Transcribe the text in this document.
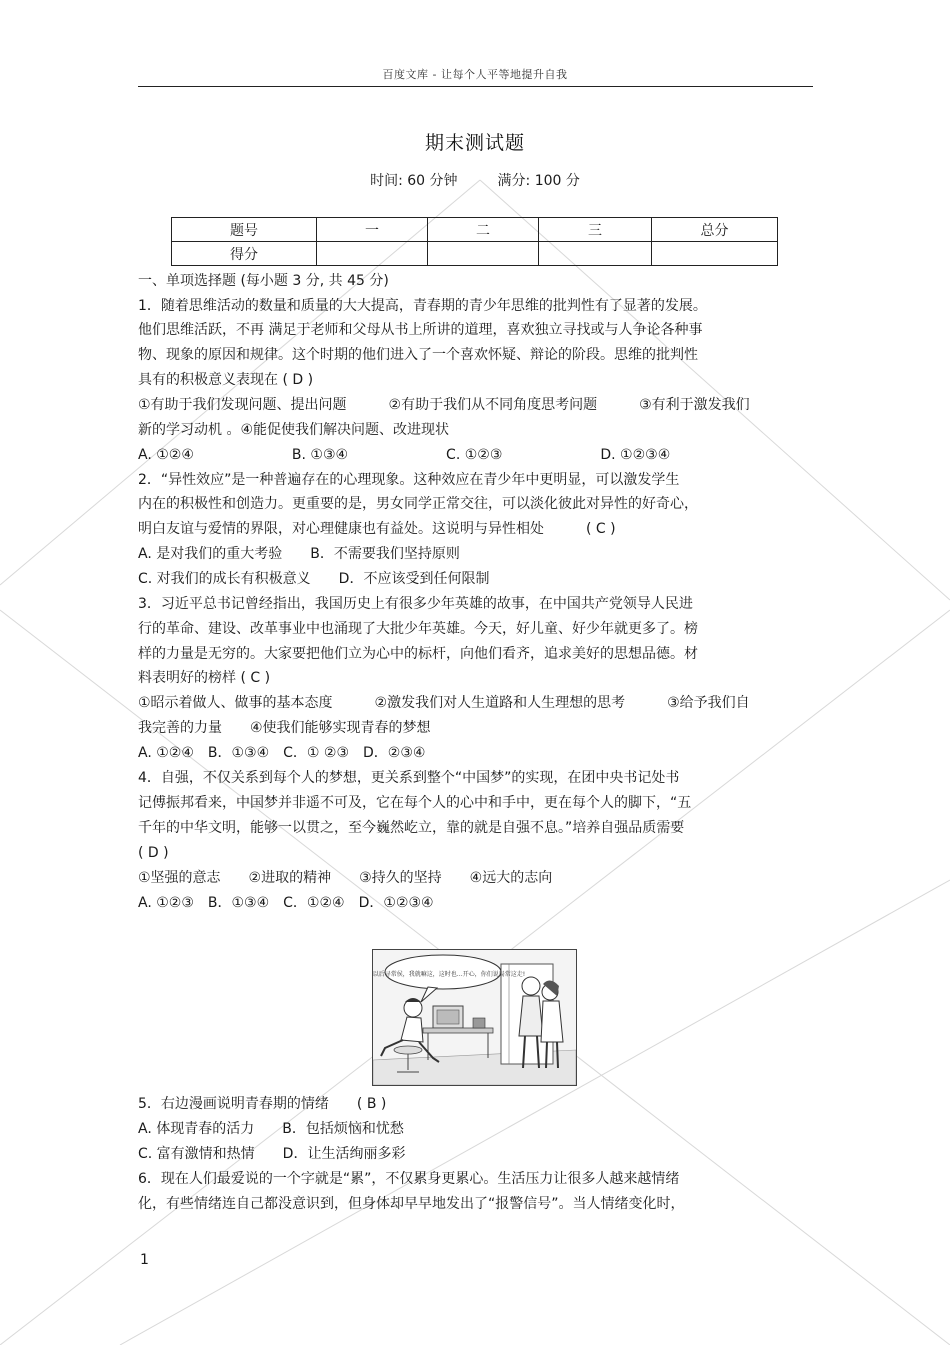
百度文库 - 让每个人平等地提升自我
期末测试题
时间: 60 分钟	满分: 100 分
题号	一	二	三	总分
得分				
一、单项选择题 (每小题 3 分, 共 45 分)
1．随着思维活动的数量和质量的大大提高，青春期的青少年思维的批判性有了显著的发展。
他们思维活跃，不再 满足于老师和父母从书上所讲的道理，喜欢独立寻找或与人争论各种事
物、现象的原因和规律。这个时期的他们进入了一个喜欢怀疑、辩论的阶段。思维的批判性
具有的积极意义表现在 ( D )
①有助于我们发现问题、提出问题　　　②有助于我们从不同角度思考问题　　　③有利于激发我们
新的学习动机 。④能促使我们解决问题、改进现状
A. ①②④　　　　　　　B. ①③④　　　　　　　C. ①②③　　　　　　　D. ①②③④
2．“异性效应”是一种普遍存在的心理现象。这种效应在青少年中更明显，可以激发学生
内在的积极性和创造力。更重要的是，男女同学正常交往，可以淡化彼此对异性的好奇心，
明白友谊与爱情的界限，对心理健康也有益处。这说明与异性相处　　　( C )
A. 是对我们的重大考验　　B．不需要我们坚持原则
C. 对我们的成长有积极意义　　D．不应该受到任何限制
3．习近平总书记曾经指出，我国历史上有很多少年英雄的故事，在中国共产党领导人民进
行的革命、建设、改革事业中也涌现了大批少年英雄。今天，好儿童、好少年就更多了。榜
样的力量是无穷的。大家要把他们立为心中的标杆，向他们看齐，追求美好的思想品德。材
料表明好的榜样 ( C )
①昭示着做人、做事的基本态度　　　②激发我们对人生道路和人生理想的思考　　　③给予我们自
我完善的力量　　④使我们能够实现青春的梦想
A. ①②④　B．①③④　C．① ②③　D．②③④
4．自强，不仅关系到每个人的梦想，更关系到整个“中国梦”的实现，在团中央书记处书
记傅振邦看来，中国梦并非遥不可及，它在每个人的心中和手中，更在每个人的脚下，“五
千年的中华文明，能够一以贯之，至今巍然屹立，靠的就是自强不息。”培养自强品质需要
( D )
①坚强的意志　　②进取的精神　　③持久的坚持　　④远大的志向
A. ①②③　B．①③④　C．①②④　D．①②③④
我们以后寻常侯，我就嘛这，这时也…开心，你们说局常这走!
5．右边漫画说明青春期的情绪　　( B )
A. 体现青春的活力　　B．包括烦恼和忧愁
C. 富有激情和热情　　D．让生活绚丽多彩
6．现在人们最爱说的一个字就是“累”，不仅累身更累心。生活压力让很多人越来越情绪
化，有些情绪连自己都没意识到，但身体却早早地发出了“报警信号”。当人情绪变化时，
1
